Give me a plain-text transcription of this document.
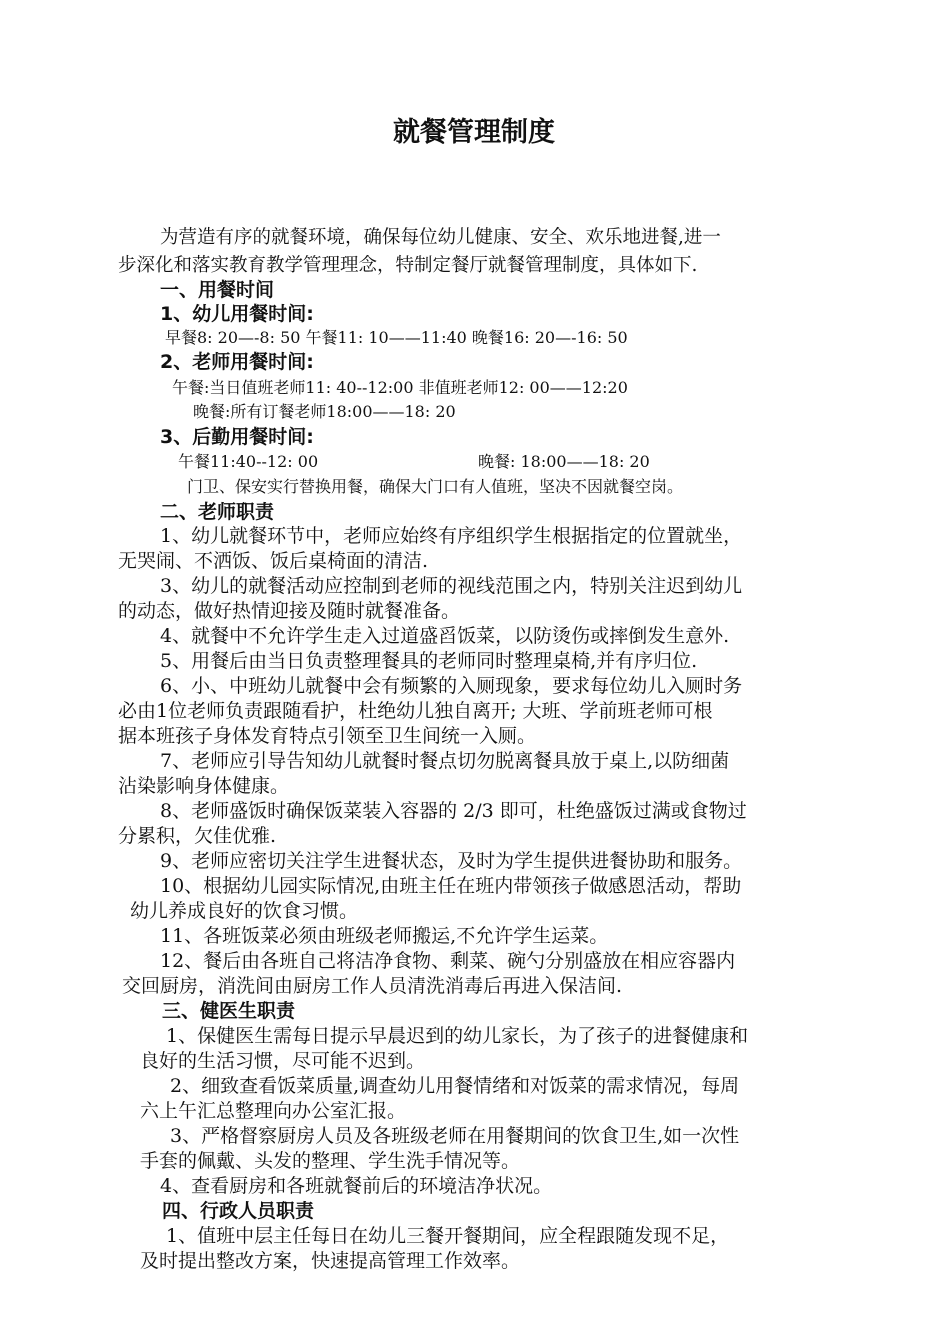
就餐管理制度
为营造有序的就餐环境，确保每位幼儿健康、安全、欢乐地进餐,进一
步深化和落实教育教学管理理念，特制定餐厅就餐管理制度，具体如下.
一、用餐时间
1、幼儿用餐时间:
早餐8: 20—-8: 50 午餐11: 10——11:40 晚餐16: 20—-16: 50
2、老师用餐时间:
午餐:当日值班老师11: 40--12:00 非值班老师12: 00——12:20
晚餐:所有订餐老师18:00——18: 20
3、后勤用餐时间:
午餐11:40--12: 00	晚餐: 18:00——18: 20
门卫、保安实行替换用餐，确保大门口有人值班，坚决不因就餐空岗。
二、老师职责
1、幼儿就餐环节中，老师应始终有序组织学生根据指定的位置就坐，
无哭闹、不洒饭、饭后桌椅面的清洁.
3、幼儿的就餐活动应控制到老师的视线范围之内，特别关注迟到幼儿
的动态，做好热情迎接及随时就餐准备。
4、就餐中不允许学生走入过道盛舀饭菜，以防烫伤或摔倒发生意外.
5、用餐后由当日负责整理餐具的老师同时整理桌椅,并有序归位.
6、小、中班幼儿就餐中会有频繁的入厕现象，要求每位幼儿入厕时务
必由1位老师负责跟随看护，杜绝幼儿独自离开; 大班、学前班老师可根
据本班孩子身体发育特点引领至卫生间统一入厕。
7、老师应引导告知幼儿就餐时餐点切勿脱离餐具放于桌上,以防细菌
沾染影响身体健康。
8、老师盛饭时确保饭菜装入容器的 2/3 即可，杜绝盛饭过满或食物过
分累积，欠佳优雅.
9、老师应密切关注学生进餐状态，及时为学生提供进餐协助和服务。
10、根据幼儿园实际情况,由班主任在班内带领孩子做感恩活动，帮助
幼儿养成良好的饮食习惯。
11、各班饭菜必须由班级老师搬运,不允许学生运菜。
12、餐后由各班自己将洁净食物、剩菜、碗勺分别盛放在相应容器内
交回厨房，消洗间由厨房工作人员清洗消毒后再进入保洁间.
三、健医生职责
1、保健医生需每日提示早晨迟到的幼儿家长，为了孩子的进餐健康和
良好的生活习惯，尽可能不迟到。
2、细致查看饭菜质量,调查幼儿用餐情绪和对饭菜的需求情况，每周
六上午汇总整理向办公室汇报。
3、严格督察厨房人员及各班级老师在用餐期间的饮食卫生,如一次性
手套的佩戴、头发的整理、学生洗手情况等。
4、查看厨房和各班就餐前后的环境洁净状况。
四、行政人员职责
1、值班中层主任每日在幼儿三餐开餐期间，应全程跟随发现不足，
及时提出整改方案，快速提高管理工作效率。
